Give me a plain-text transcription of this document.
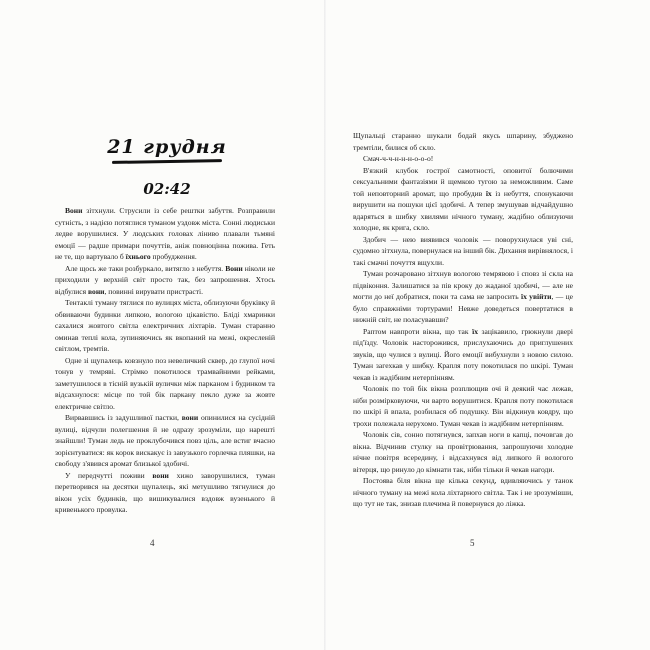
21 грудня
02:42

Вони зітхнули. Струсили із себе рештки забуття. Розправили сутність, з надією потяглися туманом уздовж міста. Сонні людиськи ледве ворушилися. У людських головах ліниво плавали тьмяні емоції — радше примари почуттів, аніж повноцінна пожива. Геть не те, що вартувало б їхнього пробудження.

Але щось же таки розбуркало, витягло з небуття. Вони ніколи не приходили у верхній світ просто так, без запрошення. Хтось відбулися вони, повинні вирувати пристрасті.

Тентаклі туману тяглися по вулицях міста, облизуючи бруківку й обвиваючи будинки липкою, вологою цікавістю. Бліді хмаринки сахалися жовтого світла електричних ліхтарів. Туман старанно оминав теплі кола, зупиняючись як вкопаний на межі, окресленій світлом, тремтів.

Одне зі щупалець ковзнуло поз невеличкий сквер, до глупої ночі тонув у темряві. Стрімко покотилося трамвайними рейками, заметушилося в тісній вузькій вулички між парканом і будинком та відсахнулося: місце по той бік паркану пекло дуже за жовте електричне світло.

Вирвавшись із задушливої пастки, вони опинилися на сусідній вулиці, відчули полегшення й не одразу зрозуміли, що нарешті знайшли! Туман ледь не проклубочився повз ціль, але встиг вчасно зорієнтуватися: як корок вискакує із завузького горлечка пляшки, на свободу з'явився аромат близької здобичі.

У передчутті поживи вони хижо заворушилися, туман перетворився на десятки щупалець, які метушливо тягнулися до вікон усіх будинків, що вишикувалися вздовж вузенького й кривенького провулка.

4

Щупальці старанно шукали бодай якусь шпарину, збуджено тремтіли, билися об скло.

Смач-ч-ч-н-н-н-о-о-о!

В'язкий клубок гострої самотності, оповитої болючими сексуальними фантазіями й щемкою тугою за неможливим. Саме той неповторний аромат, що пробудив їх із небуття, спонукаючи вирушити на пошуки цієї здобичі. А тепер змушував відчайдушно вдаряться в шибку хвилями нічного туману, жадібно облизуючи холодне, як крига, скло.

Здобич — нею виявився чоловік — поворухнулася уві сні, судомно зітхнула, повернулася на інший бік. Дихання вирівнялося, і такі смачні почуття вщухли.

Туман розчаровано зітхнув вологою темрявою і сповз зі скла на підвіконня. Залишатися за пів кроку до жаданої здобичі, — але не могти до неї добратися, поки та сама не запросить їх увійти, — це було справжніми тортурами! Невже доведеться повертатися в нижній світ, не поласувавши?

Раптом навпроти вікна, що так їх зацікавило, грюкнули двері під'їзду. Чоловік насторожився, прислухаючись до приглушених звуків, що чулися з вулиці. Його емоції вибухнули з новою силою. Туман загехкав у шибку. Крапля поту покотилася по шкірі. Туман чекав із жадібним нетерпінням.

Чоловік по той бік вікна розплющив очі й деякий час лежав, ніби розмірковуючи, чи варто ворушитися. Крапля поту покотилася по шкірі й впала, розбилася об подушку. Він відкинув ковдру, що трохи полежала нерухомо. Туман чекав із жадібним нетерпінням.

Чоловік сів, сонно потягнувся, запхав ноги в капці, почовгав до вікна. Відчинив стулку на провітрювання, запрошуючи холодне нічне повітря всередину, і відсахнувся від липкого й вологого вітерця, що ринуло до кімнати так, ніби тільки й чекав нагоди.

Постоява біля вікна ще кілька секунд, вдивляючись у танок нічного туману на межі кола ліхтарного світла. Так і не зрозумівши, що тут не так, знизав плечима й повернувся до ліжка.

5
